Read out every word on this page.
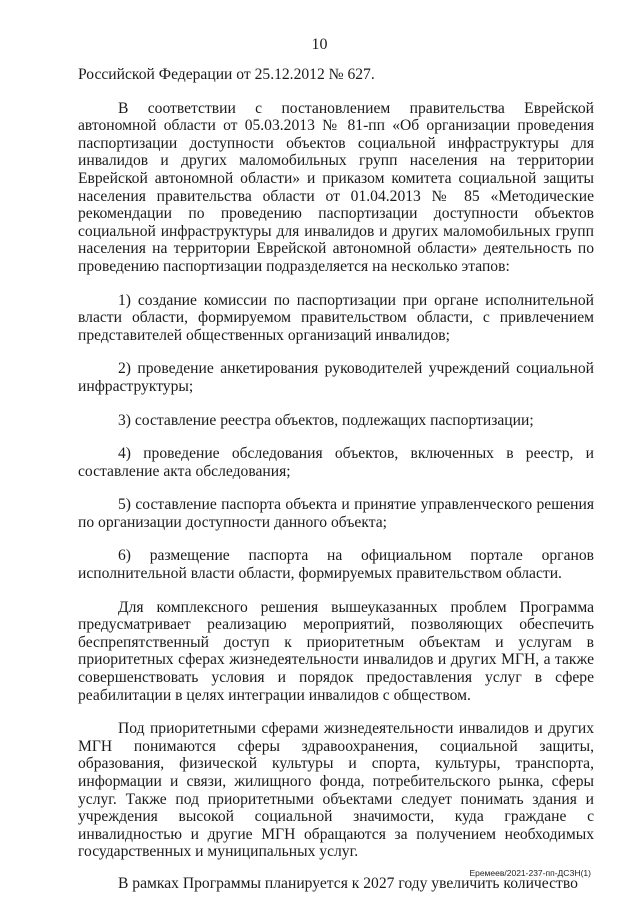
10

Российской Федерации от 25.12.2012 № 627.

В соответствии с постановлением правительства Еврейской автономной области от 05.03.2013 № 81-пп «Об организации проведения паспортизации доступности объектов социальной инфраструктуры для инвалидов и других маломобильных групп населения на территории Еврейской автономной области» и приказом комитета социальной защиты населения правительства области от 01.04.2013 № 85 «Методические рекомендации по проведению паспортизации доступности объектов социальной инфраструктуры для инвалидов и других маломобильных групп населения на территории Еврейской автономной области» деятельность по проведению паспортизации подразделяется на несколько этапов:

1) создание комиссии по паспортизации при органе исполнительной власти области, формируемом правительством области, с привлечением представителей общественных организаций инвалидов;

2) проведение анкетирования руководителей учреждений социальной инфраструктуры;

3) составление реестра объектов, подлежащих паспортизации;

4) проведение обследования объектов, включенных в реестр, и составление акта обследования;

5) составление паспорта объекта и принятие управленческого решения по организации доступности данного объекта;

6) размещение паспорта на официальном портале органов исполнительной власти области, формируемых правительством области.

Для комплексного решения вышеуказанных проблем Программа предусматривает реализацию мероприятий, позволяющих обеспечить беспрепятственный доступ к приоритетным объектам и услугам в приоритетных сферах жизнедеятельности инвалидов и других МГН, а также совершенствовать условия и порядок предоставления услуг в сфере реабилитации в целях интеграции инвалидов с обществом.

Под приоритетными сферами жизнедеятельности инвалидов и других МГН понимаются сферы здравоохранения, социальной защиты, образования, физической культуры и спорта, культуры, транспорта, информации и связи, жилищного фонда, потребительского рынка, сферы услуг. Также под приоритетными объектами следует понимать здания и учреждения высокой социальной значимости, куда граждане с инвалидностью и другие МГН обращаются за получением необходимых государственных и муниципальных услуг.

В рамках Программы планируется к 2027 году увеличить количество

Еремеев/2021-237-пп-ДСЗН(1)
